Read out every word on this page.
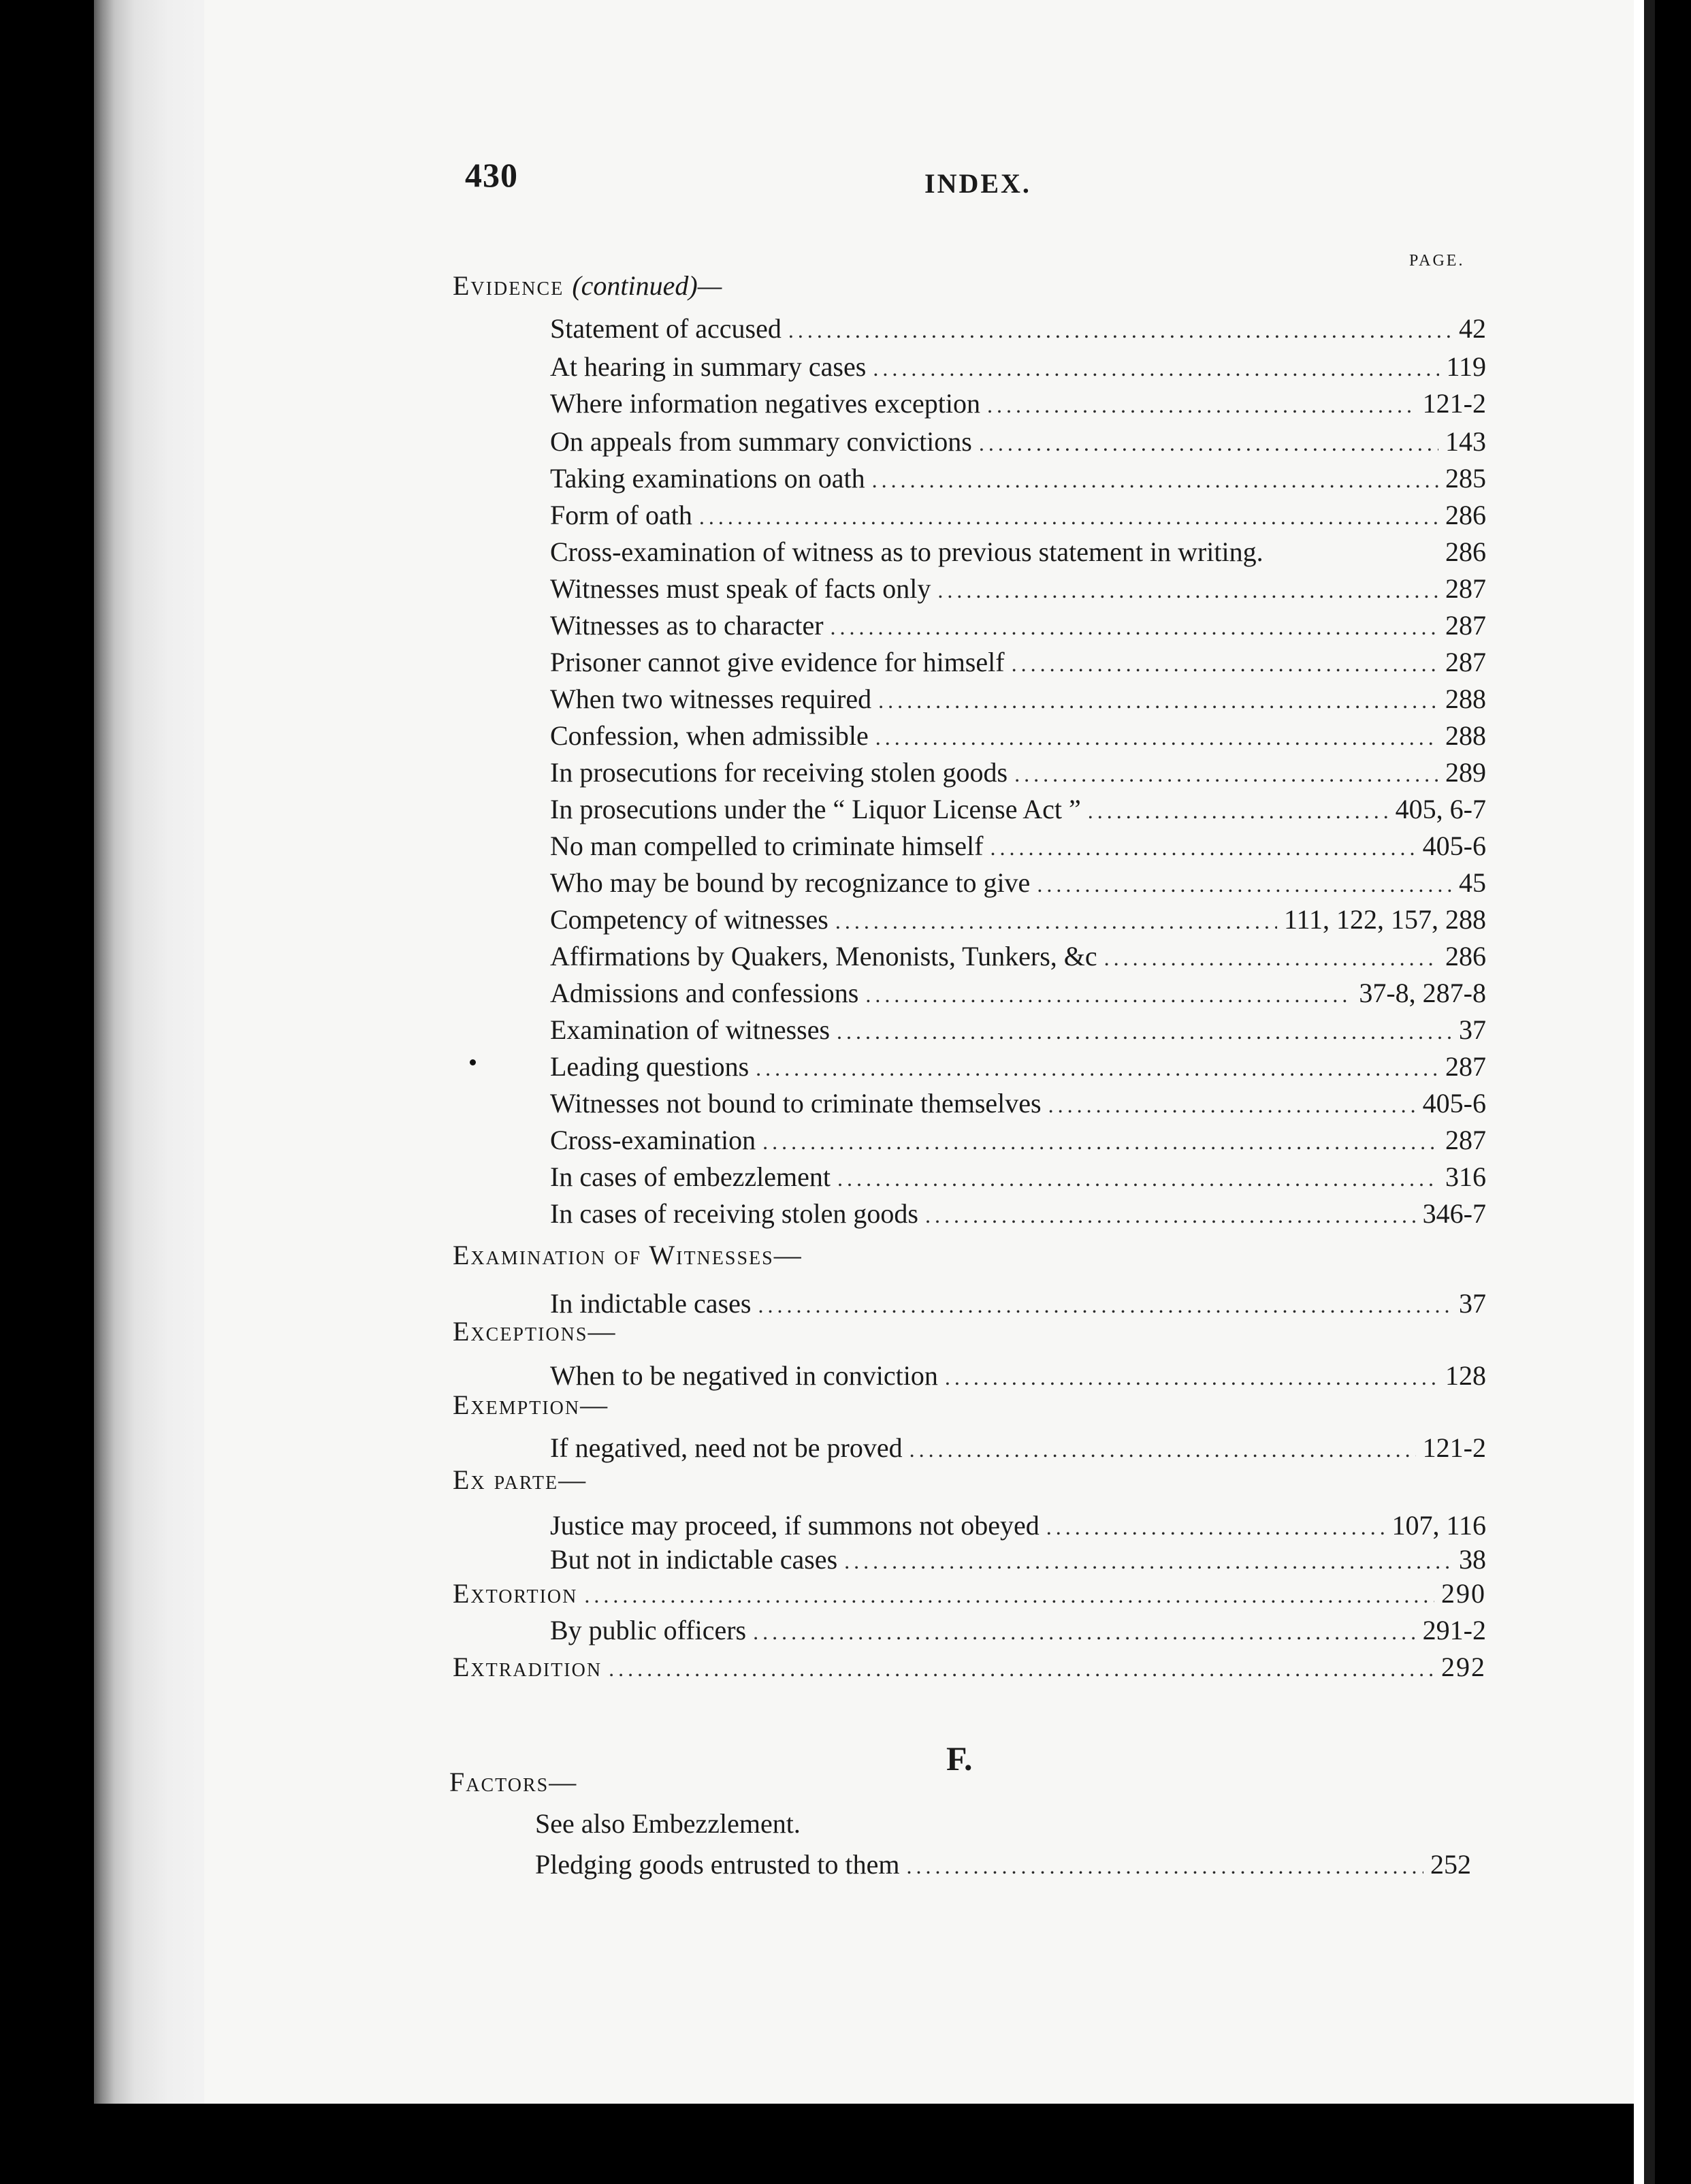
430	INDEX.
PAGE.
Evidence (continued)—
Statement of accused .....	42
At hearing in summary cases .....	119
Where information negatives exception .....	121-2
On appeals from summary convictions .....	143
Taking examinations on oath .....	285
Form of oath .....	286
Cross-examination of witness as to previous statement in writing.	286
Witnesses must speak of facts only .....	287
Witnesses as to character .....	287
Prisoner cannot give evidence for himself .....	287
When two witnesses required .....	288
Confession, when admissible .....	288
In prosecutions for receiving stolen goods .....	289
In prosecutions under the “ Liquor License Act ” .....	405, 6-7
No man compelled to criminate himself .....	405-6
Who may be bound by recognizance to give .....	45
Competency of witnesses .....	111, 122, 157, 288
Affirmations by Quakers, Menonists, Tunkers, &c .....	286
Admissions and confessions .....	37-8, 287-8
Examination of witnesses .....	37
Leading questions .....	287
Witnesses not bound to criminate themselves .....	405-6
Cross-examination .....	287
In cases of embezzlement .....	316
In cases of receiving stolen goods .....	346-7
Examination of Witnesses—
In indictable cases .....	37
Exceptions—
When to be negatived in conviction .....	128
Exemption—
If negatived, need not be proved .....	121-2
Ex parte—
Justice may proceed, if summons not obeyed .....	107, 116
But not in indictable cases .....	38
Extortion .....	290
By public officers .....	291-2
Extradition .....	292
F.
Factors—
See also Embezzlement.
Pledging goods entrusted to them .....	252
